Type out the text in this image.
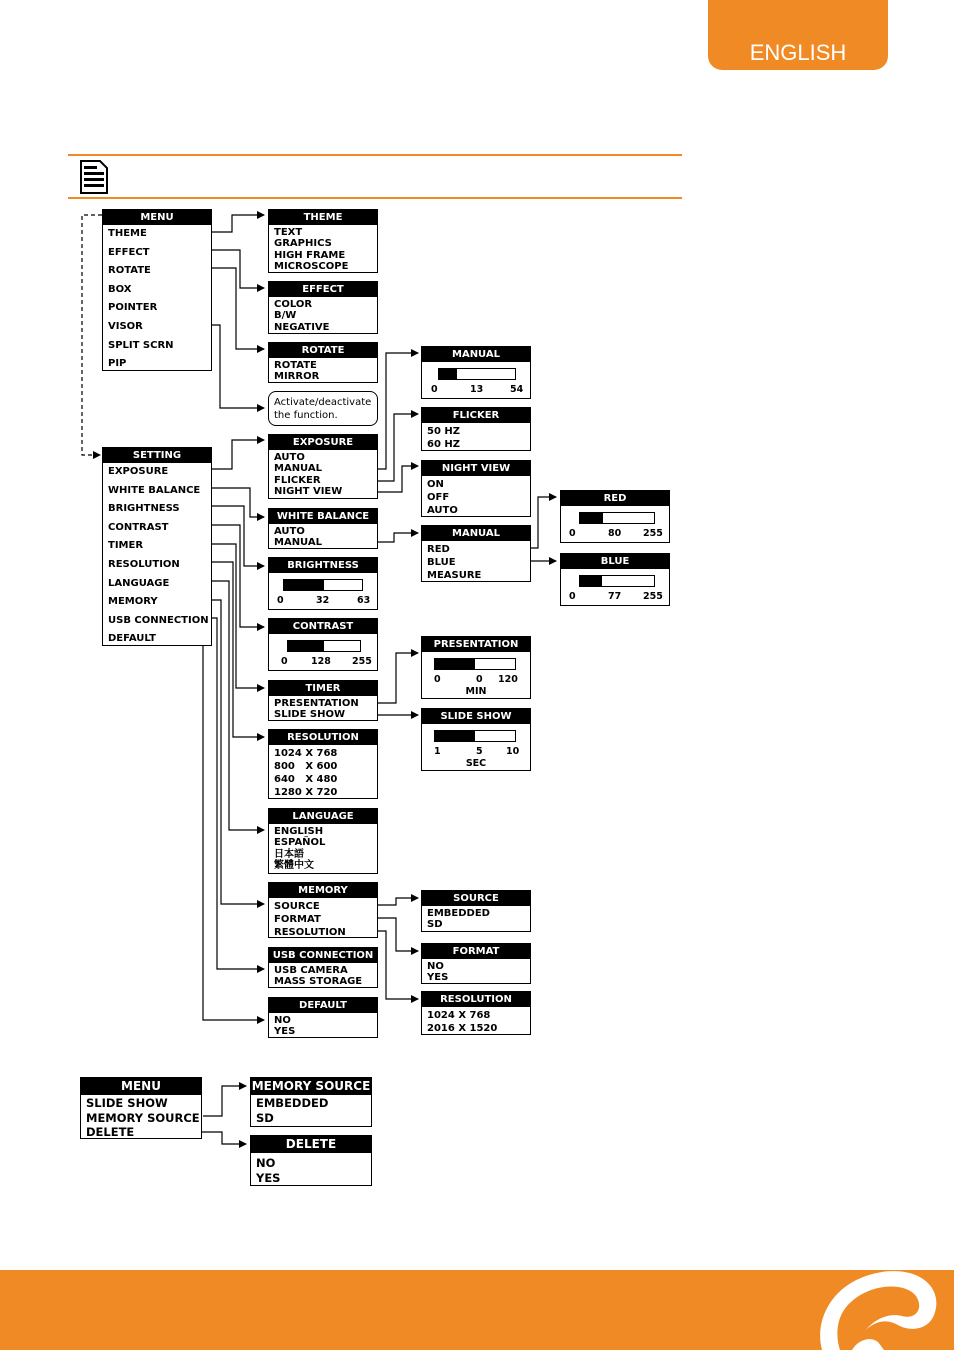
ENGLISH
MENU
THEME
EFFECT
ROTATE
BOX
POINTER
VISOR
SPLIT SCRN
PIP
SETTING
EXPOSURE
WHITE BALANCE
BRIGHTNESS
CONTRAST
TIMER
RESOLUTION
LANGUAGE
MEMORY
USB CONNECTION
DEFAULT
THEME
TEXT
GRAPHICS
HIGH FRAME
MICROSCOPE
EFFECT
COLOR
B/W
NEGATIVE
ROTATE
ROTATE
MIRROR
Activate/deactivate the function.
EXPOSURE
AUTO
MANUAL
FLICKER
NIGHT VIEW
WHITE BALANCE
AUTO
MANUAL
BRIGHTNESS
0	32	63
CONTRAST
0 128 255
TIMER
PRESENTATION
SLIDE SHOW
RESOLUTION
1024 X 768
800   X 600
640   X 480
1280 X 720
LANGUAGE
ENGLISH
ESPAÑOL
日本語
繁體中文
MEMORY
SOURCE
FORMAT
RESOLUTION
USB CONNECTION
USB CAMERA
MASS STORAGE
DEFAULT
NO
YES
MANUAL
0	13	54
FLICKER
50 HZ
60 HZ
NIGHT VIEW
ON
OFF
AUTO
MANUAL
RED
BLUE
MEASURE
RED
0	80 255
BLUE
0	77 255
PRESENTATION
0	0 120
MIN
SLIDE SHOW
1	5 10
SEC
SOURCE
EMBEDDED
SD
FORMAT
NO
YES
RESOLUTION
1024 X 768
2016 X 1520
MENU
SLIDE SHOW
MEMORY SOURCE
DELETE
MEMORY SOURCE
EMBEDDED
SD
DELETE
NO
YES
